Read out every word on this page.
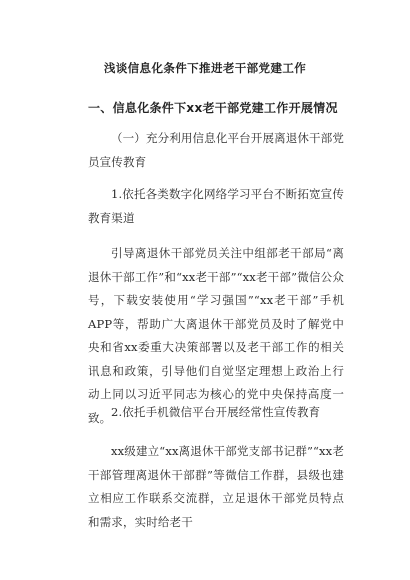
浅谈信息化条件下推进老干部党建工作
一、信息化条件下xx老干部党建工作开展情况
（一）充分利用信息化平台开展离退休干部党员宣传教育
1.依托各类数字化网络学习平台不断拓宽宣传教育渠道
引导离退休干部党员关注中组部老干部局“离退休干部工作”和“xx老干部”“xx老干部”微信公众号，下载安装使用“学习强国”“xx老干部”手机APP等，帮助广大离退休干部党员及时了解党中央和省xx委重大决策部署以及老干部工作的相关讯息和政策，引导他们自觉坚定理想上政治上行动上同以习近平同志为核心的党中央保持高度一致。 2.依托手机微信平台开展经常性宣传教育
xx级建立“xx离退休干部党支部书记群”“xx老干部管理离退休干部群”等微信工作群，县级也建立相应工作联系交流群，立足退休干部党员特点和需求，实时给老干
